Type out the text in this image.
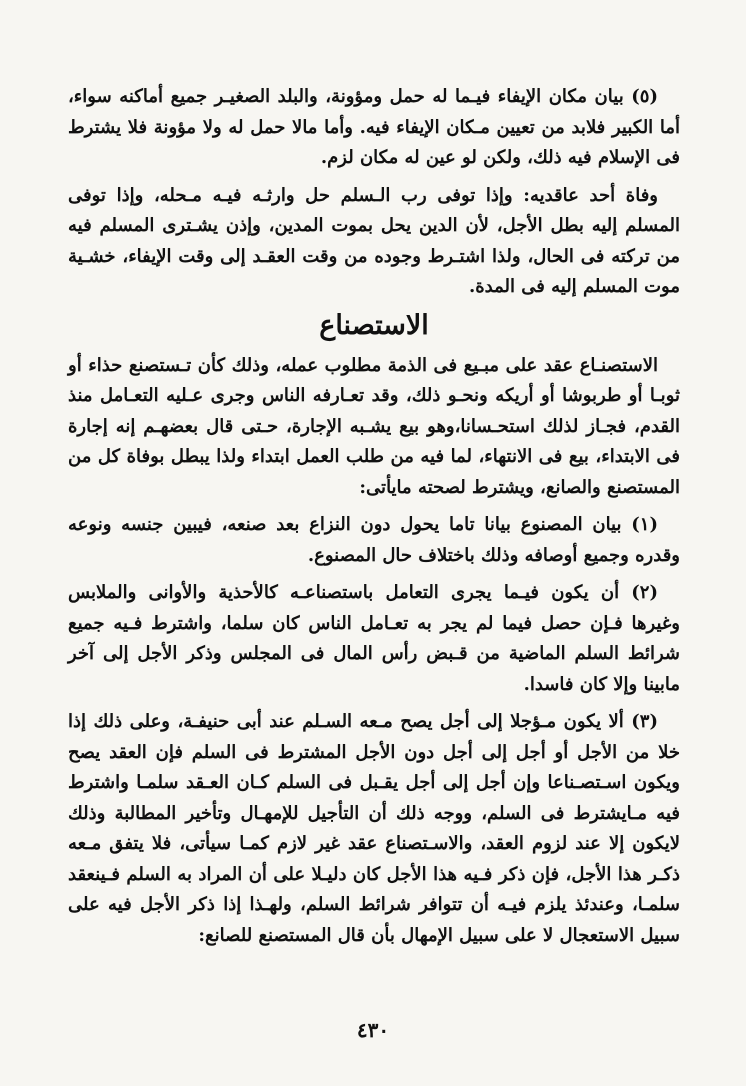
(٥) بيان مكان الإيفاء فيـما له حمل ومؤونة، والبلد الصغيـر جميع أماكنه سواء، أما الكبير فلابد من تعيين مـكان الإيفاء فيه. وأما مالا حمل له ولا مؤونة فلا يشترط فى الإسلام فيه ذلك، ولكن لو عين له مكان لزم.

وفاة أحد عاقديه: وإذا توفى رب الـسلم حل وارثـه فيـه مـحله، وإذا توفى المسلم إليه بطل الأجل، لأن الدين يحل بموت المدين، وإذن يشـترى المسلم فيه من تركته فى الحال، ولذا اشتـرط وجوده من وقت العقـد إلى وقت الإيفاء، خشـية موت المسلم إليه فى المدة.

الاستصناع

الاستصنـاع عقد على مبـيع فى الذمة مطلوب عمله، وذلك كأن تـستصنع حذاء أو ثوبـا أو طربوشا أو أريكه ونحـو ذلك، وقد تعـارفه الناس وجرى عـليه التعـامل منذ القدم، فجـاز لذلك استحـسانا،وهو بيع يشـبه الإجارة، حـتى قال بعضهـم إنه إجارة فى الابتداء، بيع فى الانتهاء، لما فيه من طلب العمل ابتداء ولذا يبطل بوفاة كل من المستصنع والصانع، ويشترط لصحته مايأتى:

(١) بيان المصنوع بيانا تاما يحول دون النزاع بعد صنعه، فيبين جنسه ونوعه وقدره وجميع أوصافه وذلك باختلاف حال المصنوع.

(٢) أن يكون فيـما يجرى التعامل باستصناعـه كالأحذية والأوانى والملابس وغيرها فـإن حصل فيما لم يجر به تعـامل الناس كان سلما، واشترط فـيه جميع شرائط السلم الماضية من قـبض رأس المال فى المجلس وذكر الأجل إلى آخر مابينا وإلا كان فاسدا.

(٣) ألا يكون مـؤجلا إلى أجل يصح مـعه السـلم عند أبى حنيفـة، وعلى ذلك إذا خلا من الأجل أو أجل إلى أجل دون الأجل المشترط فى السلم فإن العقد يصح ويكون اسـتصـناعا وإن أجل إلى أجل يقـبل فى السلم كـان العـقد سلمـا واشترط فيه مـايشترط فى السلم، ووجه ذلك أن التأجيل للإمهـال وتأخير المطالبة وذلك لايكون إلا عند لزوم العقد، والاسـتصناع عقد غير لازم كمـا سيأتى، فلا يتفق مـعه ذكـر هذا الأجل، فإن ذكر فـيه هذا الأجل كان دليـلا على أن المراد به السلم فـينعقد سلمـا، وعندئذ يلزم فيـه أن تتوافر شرائط السلم، ولهـذا إذا ذكر الأجل فيه على سبيل الاستعجال لا على سبيل الإمهال بأن قال المستصنع للصانع:

٤٣٠
